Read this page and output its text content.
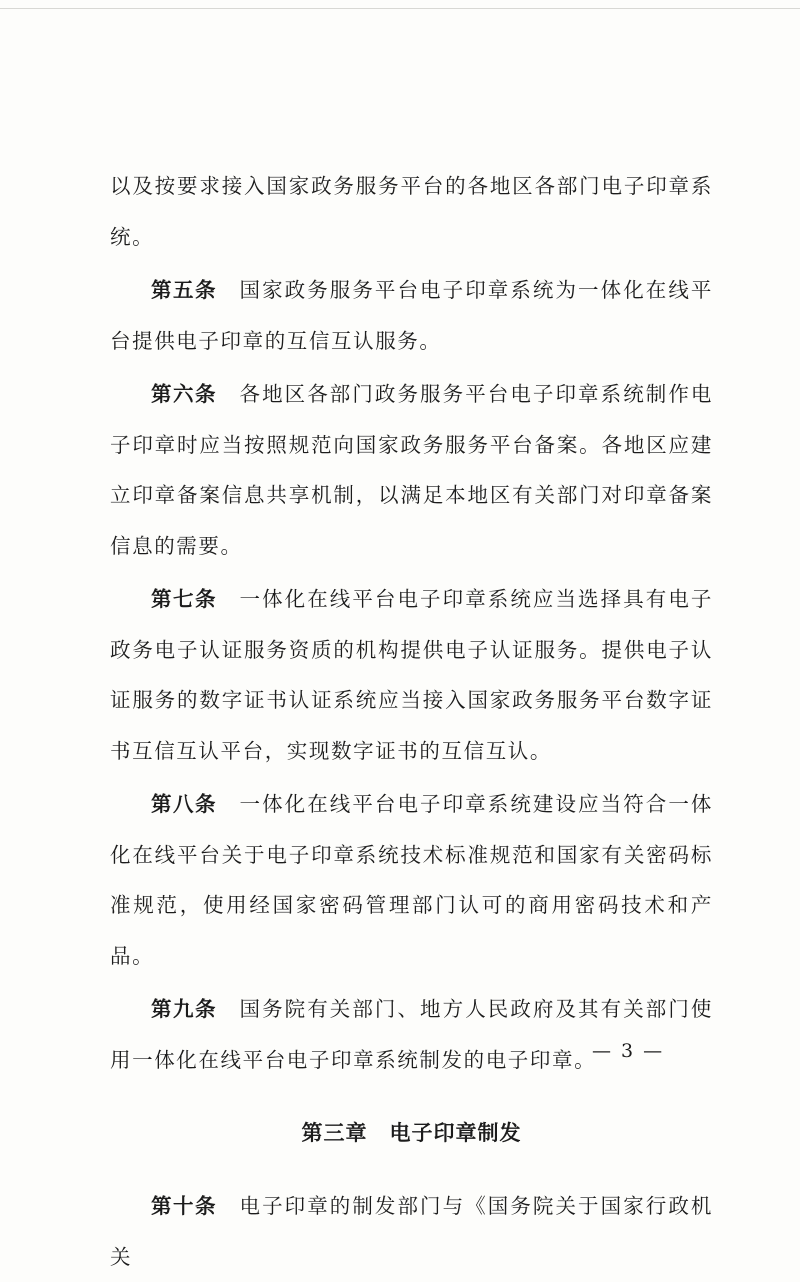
以及按要求接入国家政务服务平台的各地区各部门电子印章系统。

第五条　 国家政务服务平台电子印章系统为一体化在线平台提供电子印章的互信互认服务。

第六条　 各地区各部门政务服务平台电子印章系统制作电子印章时应当按照规范向国家政务服务平台备案。各地区应建立印章备案信息共享机制，以满足本地区有关部门对印章备案信息的需要。

第七条　 一体化在线平台电子印章系统应当选择具有电子政务电子认证服务资质的机构提供电子认证服务。提供电子认证服务的数字证书认证系统应当接入国家政务服务平台数字证书互信互认平台，实现数字证书的互信互认。

第八条　 一体化在线平台电子印章系统建设应当符合一体化在线平台关于电子印章系统技术标准规范和国家有关密码标准规范，使用经国家密码管理部门认可的商用密码技术和产品。

第九条　 国务院有关部门、地方人民政府及其有关部门使用一体化在线平台电子印章系统制发的电子印章。

第三章 电子印章制发

第十条　 电子印章的制发部门与《国务院关于国家行政机关

— 3 —
